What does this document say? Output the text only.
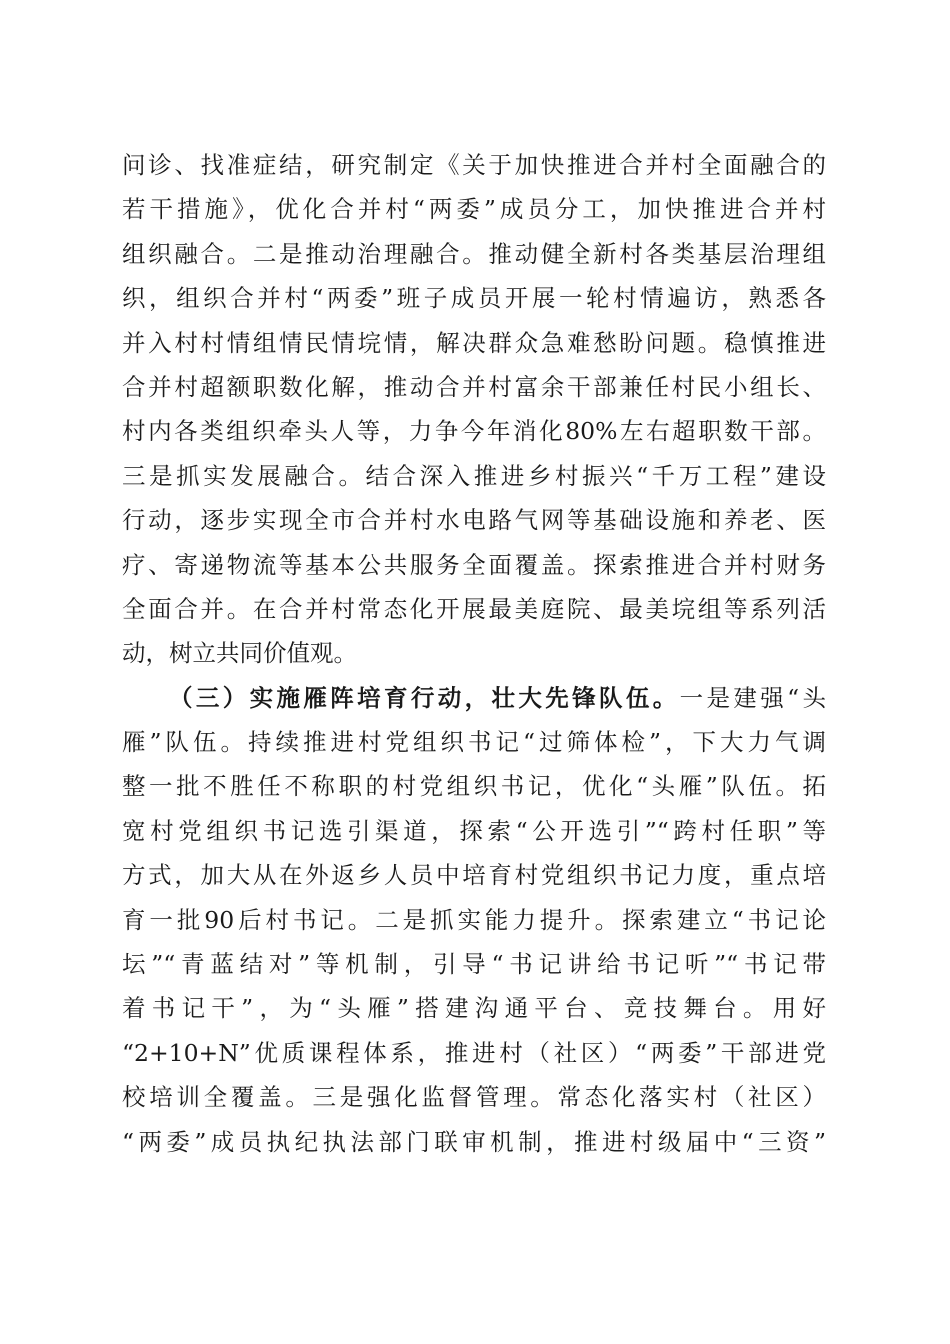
问诊、找准症结，研究制定《关于加快推进合并村全面融合的
若干措施》，优化合并村“两委”成员分工，加快推进合并村
组织融合。二是推动治理融合。推动健全新村各类基层治理组
织，组织合并村“两委”班子成员开展一轮村情遍访，熟悉各
并入村村情组情民情垸情，解决群众急难愁盼问题。稳慎推进
合并村超额职数化解，推动合并村富余干部兼任村民小组长、
村内各类组织牵头人等，力争今年消化80%左右超职数干部。
三是抓实发展融合。结合深入推进乡村振兴“千万工程”建设
行动，逐步实现全市合并村水电路气网等基础设施和养老、医
疗、寄递物流等基本公共服务全面覆盖。探索推进合并村财务
全面合并。在合并村常态化开展最美庭院、最美垸组等系列活
动，树立共同价值观。
（三）实施雁阵培育行动，壮大先锋队伍。一是建强“头
雁”队伍。持续推进村党组织书记“过筛体检”，下大力气调
整一批不胜任不称职的村党组织书记，优化“头雁”队伍。拓
宽村党组织书记选引渠道，探索“公开选引”“跨村任职”等
方式，加大从在外返乡人员中培育村党组织书记力度，重点培
育一批90后村书记。二是抓实能力提升。探索建立“书记论
坛”“青蓝结对”等机制，引导“书记讲给书记听”“书记带
着书记干”，为“头雁”搭建沟通平台、竞技舞台。用好
“2+10+N”优质课程体系，推进村（社区）“两委”干部进党
校培训全覆盖。三是强化监督管理。常态化落实村（社区）
“两委”成员执纪执法部门联审机制，推进村级届中“三资”
